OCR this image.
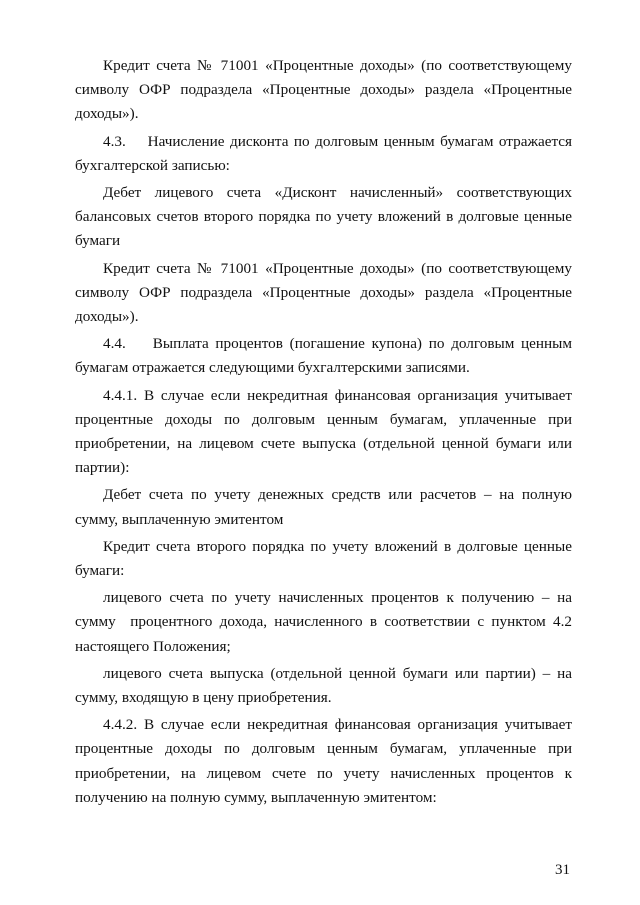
Кредит счета № 71001 «Процентные доходы» (по соответствующему символу ОФР подраздела «Процентные доходы» раздела «Процентные доходы»).

4.3.    Начисление дисконта по долговым ценным бумагам отражается бухгалтерской записью:

Дебет лицевого счета «Дисконт начисленный» соответствующих балансовых счетов второго порядка по учету вложений в долговые ценные бумаги

Кредит счета № 71001 «Процентные доходы» (по соответствующему символу ОФР подраздела «Процентные доходы» раздела «Процентные доходы»).

4.4.    Выплата процентов (погашение купона) по долговым ценным бумагам отражается следующими бухгалтерскими записями.

4.4.1. В случае если некредитная финансовая организация учитывает процентные доходы по долговым ценным бумагам, уплаченные при приобретении, на лицевом счете выпуска (отдельной ценной бумаги или партии):

Дебет счета по учету денежных средств или расчетов – на полную сумму, выплаченную эмитентом

Кредит счета второго порядка по учету вложений в долговые ценные бумаги:

лицевого счета по учету начисленных процентов к получению – на сумму  процентного дохода, начисленного в соответствии с пунктом 4.2 настоящего Положения;

лицевого счета выпуска (отдельной ценной бумаги или партии) – на сумму, входящую в цену приобретения.

4.4.2. В случае если некредитная финансовая организация учитывает процентные доходы по долговым ценным бумагам, уплаченные при приобретении, на лицевом счете по учету начисленных процентов к получению на полную сумму, выплаченную эмитентом:

31
